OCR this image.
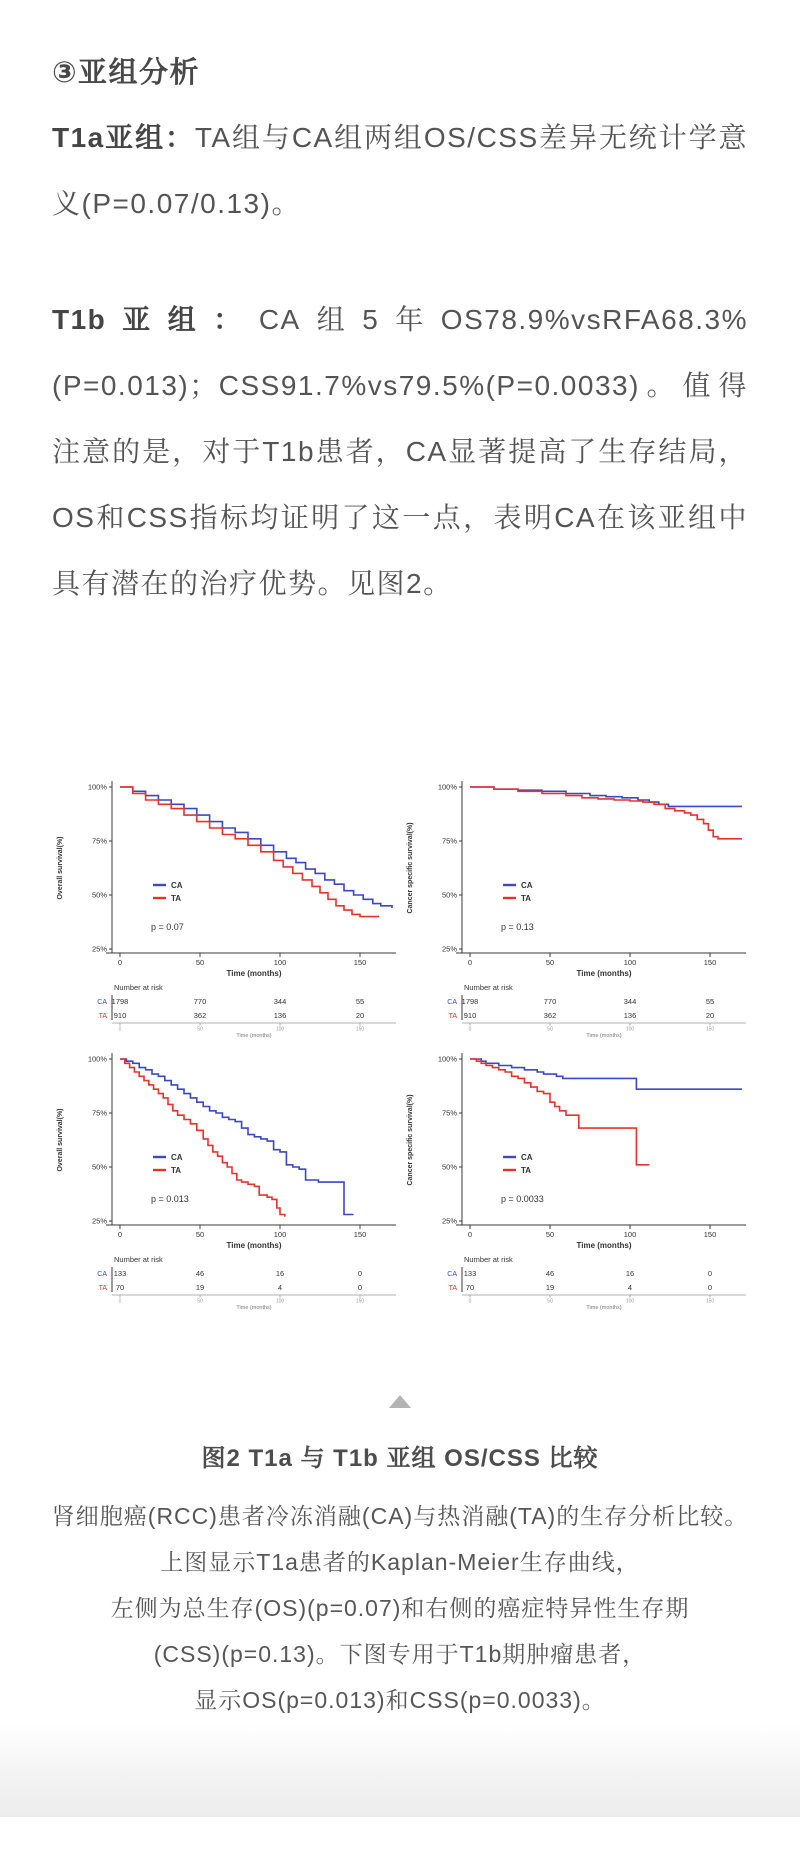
③亚组分析
T1a亚组：TA组与CA组两组OS/CSS差异无统计学意义(P=0.07/0.13)。
T1b亚组：CA组5年OS78.9%vsRFA68.3%(P=0.013)；CSS91.7%vs79.5%(P=0.0033)。值得注意的是，对于T1b患者，CA显著提高了生存结局，OS和CSS指标均证明了这一点，表明CA在该亚组中具有潜在的治疗优势。见图2。
100%
75%
50%
25%
0	50	100	150
Time (months)
Overall survival(%)	CA
TA
p = 0.07
Number at risk
CA 1798	770	344	55
TA 910	362	136	20
0	50	100	150
Time (months)
100%
75%
50%
25%
0	50	100	150
Time (months)
Cancer specific survival(%)	CA
TA
p = 0.13
Number at risk
CA 1798	770	344	55
TA 910	362	136	20
0	50	100	150
Time (months)
100%
75%
50%
25%
0	50	100	150
Time (months)
Overall survival(%)	CA
TA
p = 0.013
Number at risk
CA 133	46	16	0
TA 70	19	4	0
0	50	100	150
Time (months)
100%
75%
50%
25%
0	50	100	150
Time (months)
Cancer specific survival(%)	CA
TA
p = 0.0033
Number at risk
CA 133	46	16	0
TA 70	19	4	0
0	50	100	150
Time (months)
图2 T1a 与 T1b 亚组 OS/CSS 比较
肾细胞癌(RCC)患者冷冻消融(CA)与热消融(TA)的生存分析比较。
上图显示T1a患者的Kaplan-Meier生存曲线，
左侧为总生存(OS)(p=0.07)和右侧的癌症特异性生存期
(CSS)(p=0.13)。下图专用于T1b期肿瘤患者，
显示OS(p=0.013)和CSS(p=0.0033)。
